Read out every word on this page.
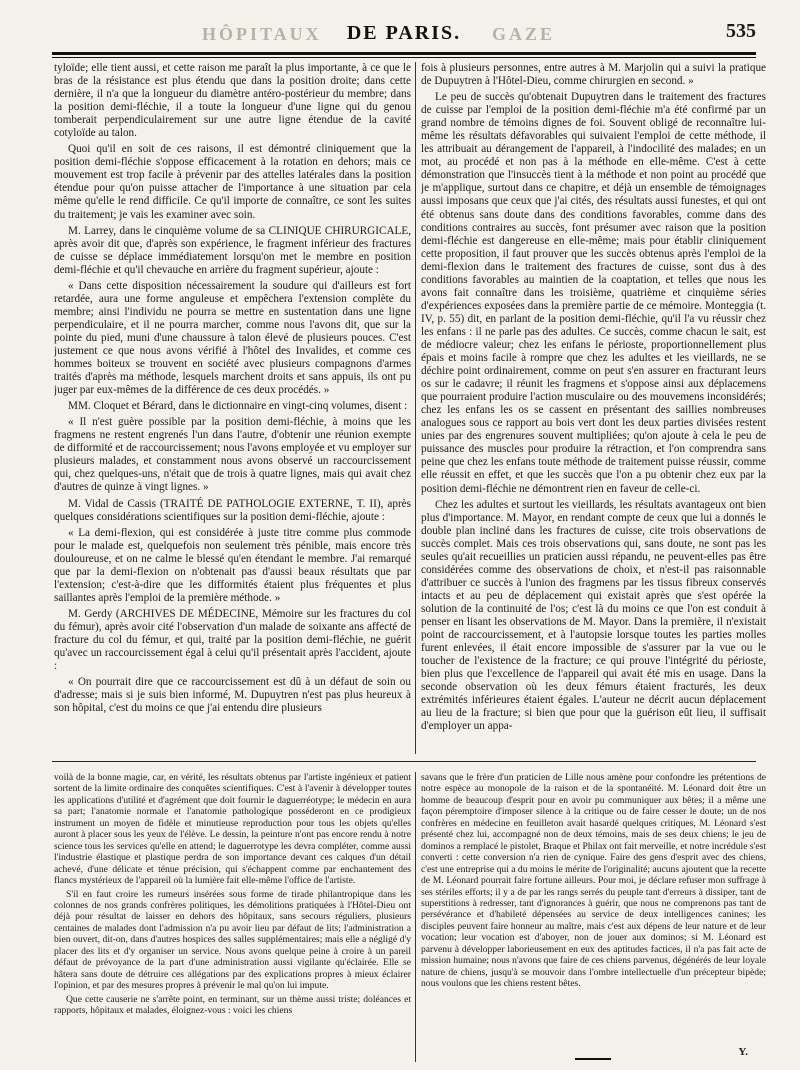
HÔPITAUX	GAZE
DE PARIS.	535

tyloïde; elle tient aussi, et cette raison me paraît la plus importante, à ce que le bras de la résistance est plus étendu que dans la position droite; dans cette dernière, il n'a que la longueur du diamètre antéro-postérieur du membre; dans la position demi-fléchie, il a toute la longueur d'une ligne qui du genou tomberait perpendiculairement sur une autre ligne étendue de la cavité cotyloïde au talon.

Quoi qu'il en soit de ces raisons, il est démontré cliniquement que la position demi-fléchie s'oppose efficacement à la rotation en dehors; mais ce mouvement est trop facile à prévenir par des attelles latérales dans la position étendue pour qu'on puisse attacher de l'importance à une situation par cela même qu'elle le rend difficile. Ce qu'il importe de connaître, ce sont les suites du traitement; je vais les examiner avec soin.

M. Larrey, dans le cinquième volume de sa CLINIQUE CHIRURGICALE, après avoir dit que, d'après son expérience, le fragment inférieur des fractures de cuisse se déplace immédiatement lorsqu'on met le membre en position demi-fléchie et qu'il chevauche en arrière du fragment supérieur, ajoute :

« Dans cette disposition nécessairement la soudure qui d'ailleurs est fort retardée, aura une forme anguleuse et empêchera l'extension complète du membre; ainsi l'individu ne pourra se mettre en sustentation dans une ligne perpendiculaire, et il ne pourra marcher, comme nous l'avons dit, que sur la pointe du pied, muni d'une chaussure à talon élevé de plusieurs pouces. C'est justement ce que nous avons vérifié à l'hôtel des Invalides, et comme ces hommes boiteux se trouvent en société avec plusieurs compagnons d'armes traités d'après ma méthode, lesquels marchent droits et sans appuis, ils ont pu juger par eux-mêmes de la différence de ces deux procédés. »

MM. Cloquet et Bérard, dans le dictionnaire en vingt-cinq volumes, disent :

« Il n'est guère possible par la position demi-fléchie, à moins que les fragmens ne restent engrenés l'un dans l'autre, d'obtenir une réunion exempte de difformité et de raccourcissement; nous l'avons employée et vu employer sur plusieurs malades, et constamment nous avons observé un raccourcissement qui, chez quelques-uns, n'était que de trois à quatre lignes, mais qui avait chez d'autres de quinze à vingt lignes. »

M. Vidal de Cassis (TRAITÉ DE PATHOLOGIE EXTERNE, T. II), après quelques considérations scientifiques sur la position demi-fléchie, ajoute :

« La demi-flexion, qui est considérée à juste titre comme plus commode pour le malade est, quelquefois non seulement très pénible, mais encore très douloureuse, et on ne calme le blessé qu'en étendant le membre. J'ai remarqué que par la demi-flexion on n'obtenait pas d'aussi beaux résultats que par l'extension; c'est-à-dire que les difformités étaient plus fréquentes et plus saillantes après l'emploi de la première méthode. »

M. Gerdy (ARCHIVES DE MÉDECINE, Mémoire sur les fractures du col du fémur), après avoir cité l'observation d'un malade de soixante ans affecté de fracture du col du fémur, et qui, traité par la position demi-fléchie, ne guérit qu'avec un raccourcissement égal à celui qu'il présentait après l'accident, ajoute :

« On pourrait dire que ce raccourcissement est dû à un défaut de soin ou d'adresse; mais si je suis bien informé, M. Dupuytren n'est pas plus heureux à son hôpital, c'est du moins ce que j'ai entendu dire plusieurs

fois à plusieurs personnes, entre autres à M. Marjolin qui a suivi la pratique de Dupuytren à l'Hôtel-Dieu, comme chirurgien en second. »

Le peu de succès qu'obtenait Dupuytren dans le traitement des fractures de cuisse par l'emploi de la position demi-fléchie m'a été confirmé par un grand nombre de témoins dignes de foi. Souvent obligé de reconnaître lui-même les résultats défavorables qui suivaient l'emploi de cette méthode, il les attribuait au dérangement de l'appareil, à l'indocilité des malades; en un mot, au procédé et non pas à la méthode en elle-même. C'est à cette démonstration que l'insuccès tient à la méthode et non point au procédé que je m'applique, surtout dans ce chapitre, et déjà un ensemble de témoignages aussi imposans que ceux que j'ai cités, des résultats aussi funestes, et qui ont été obtenus sans doute dans des conditions favorables, comme dans des conditions contraires au succès, font présumer avec raison que la position demi-fléchie est dangereuse en elle-même; mais pour établir cliniquement cette proposition, il faut prouver que les succès obtenus après l'emploi de la demi-flexion dans le traitement des fractures de cuisse, sont dus à des conditions favorables au maintien de la coaptation, et telles que nous les avons fait connaître dans les troisième, quatrième et cinquième séries d'expériences exposées dans la première partie de ce mémoire. Monteggia (t. IV, p. 55) dit, en parlant de la position demi-fléchie, qu'il l'a vu réussir chez les enfans : il ne parle pas des adultes. Ce succès, comme chacun le sait, est de médiocre valeur; chez les enfans le périoste, proportionnellement plus épais et moins facile à rompre que chez les adultes et les vieillards, ne se déchire point ordinairement, comme on peut s'en assurer en fracturant leurs os sur le cadavre; il réunit les fragmens et s'oppose ainsi aux déplacemens que pourraient produire l'action musculaire ou des mouvemens inconsidérés; chez les enfans les os se cassent en présentant des saillies nombreuses analogues sous ce rapport au bois vert dont les deux parties divisées restent unies par des engrenures souvent multipliées; qu'on ajoute à cela le peu de puissance des muscles pour produire la rétraction, et l'on comprendra sans peine que chez les enfans toute méthode de traitement puisse réussir, comme elle réussit en effet, et que les succès que l'on a pu obtenir chez eux par la position demi-fléchie ne démontrent rien en faveur de celle-ci.

Chez les adultes et surtout les vieillards, les résultats avantageux ont bien plus d'importance. M. Mayor, en rendant compte de ceux que lui a donnés le double plan incliné dans les fractures de cuisse, cite trois observations de succès complet. Mais ces trois observations qui, sans doute, ne sont pas les seules qu'ait recueillies un praticien aussi répandu, ne peuvent-elles pas être considérées comme des observations de choix, et n'est-il pas raisonnable d'attribuer ce succès à l'union des fragmens par les tissus fibreux conservés intacts et au peu de déplacement qui existait après que s'est opérée la solution de la continuité de l'os; c'est là du moins ce que l'on est conduit à penser en lisant les observations de M. Mayor. Dans la première, il n'existait point de raccourcissement, et à l'autopsie lorsque toutes les parties molles furent enlevées, il était encore impossible de s'assurer par la vue ou le toucher de l'existence de la fracture; ce qui prouve l'intégrité du périoste, bien plus que l'excellence de l'appareil qui avait été mis en usage. Dans la seconde observation où les deux fémurs étaient fracturés, les deux extrémités inférieures étaient égales. L'auteur ne décrit aucun déplacement au lieu de la fracture; si bien que pour que la guérison eût lieu, il suffisait d'employer un appa-

voilà de la bonne magie, car, en vérité, les résultats obtenus par l'artiste ingénieux et patient sortent de la limite ordinaire des conquêtes scientifiques. C'est à l'avenir à développer toutes les applications d'utilité et d'agrément que doit fournir le daguerréotype; le médecin en aura sa part; l'anatomie normale et l'anatomie pathologique posséderont en ce prodigieux instrument un moyen de fidèle et minutieuse reproduction pour tous les objets qu'elles auront à placer sous les yeux de l'élève. Le dessin, la peinture n'ont pas encore rendu à notre science tous les services qu'elle en attend; le daguerrotype les devra compléter, comme aussi l'industrie élastique et plastique perdra de son importance devant ces calques d'un détail achevé, d'une délicate et ténue précision, qui s'échappent comme par enchantement des flancs mystérieux de l'appareil où la lumière fait elle-même l'office de l'artiste.

S'il en faut croire les rumeurs insérées sous forme de tirade philantropique dans les colonnes de nos grands confrères politiques, les démolitions pratiquées à l'Hôtel-Dieu ont déjà pour résultat de laisser en dehors des hôpitaux, sans secours réguliers, plusieurs centaines de malades dont l'admission n'a pu avoir lieu par défaut de lits; l'administration a bien ouvert, dit-on, dans d'autres hospices des salles supplémentaires; mais elle a négligé d'y placer des lits et d'y organiser un service. Nous avons quelque peine à croire à un pareil défaut de prévoyance de la part d'une administration aussi vigilante qu'éclairée. Elle se hâtera sans doute de détruire ces allégations par des explications propres à mieux éclairer l'opinion, et par des mesures propres à prévenir le mal qu'on lui impute.

Que cette causerie ne s'arrête point, en terminant, sur un thème aussi triste; doléances et rapports, hôpitaux et malades, éloignez-vous : voici les chiens

savans que le frère d'un praticien de Lille nous amène pour confondre les prétentions de notre espèce au monopole de la raison et de la spontanéité. M. Léonard doit être un homme de beaucoup d'esprit pour en avoir pu communiquer aux bêtes; il a même une façon péremptoire d'imposer silence à la critique ou de faire cesser le doute; un de nos confrères en médecine en feuilleton avait hasardé quelques critiques, M. Léonard s'est présenté chez lui, accompagné non de deux témoins, mais de ses deux chiens; le jeu de dominos a remplacé le pistolet, Braque et Philax ont fait merveille, et notre incrédule s'est converti : cette conversion n'a rien de cynique. Faire des gens d'esprit avec des chiens, c'est une entreprise qui a du moins le mérite de l'originalité; aucuns ajoutent que la recette de M. Léonard pourrait faire fortune ailleurs. Pour moi, je déclare refuser mon suffrage à ses stériles efforts; il y a de par les rangs serrés du peuple tant d'erreurs à dissiper, tant de superstitions à redresser, tant d'ignorances à guérir, que nous ne comprenons pas tant de persévérance et d'habileté dépensées au service de deux intelligences canines; les disciples peuvent faire honneur au maître, mais c'est aux dépens de leur nature et de leur vocation; leur vocation est d'aboyer, non de jouer aux dominos; si M. Léonard est parvenu à développer laborieusement en eux des aptitudes factices, il n'a pas fait acte de mission humaine; nous n'avons que faire de ces chiens parvenus, dégénérés de leur loyale nature de chiens, jusqu'à se mouvoir dans l'ombre intellectuelle d'un précepteur bipède; nous voulons que les chiens restent bêtes.

Y.
